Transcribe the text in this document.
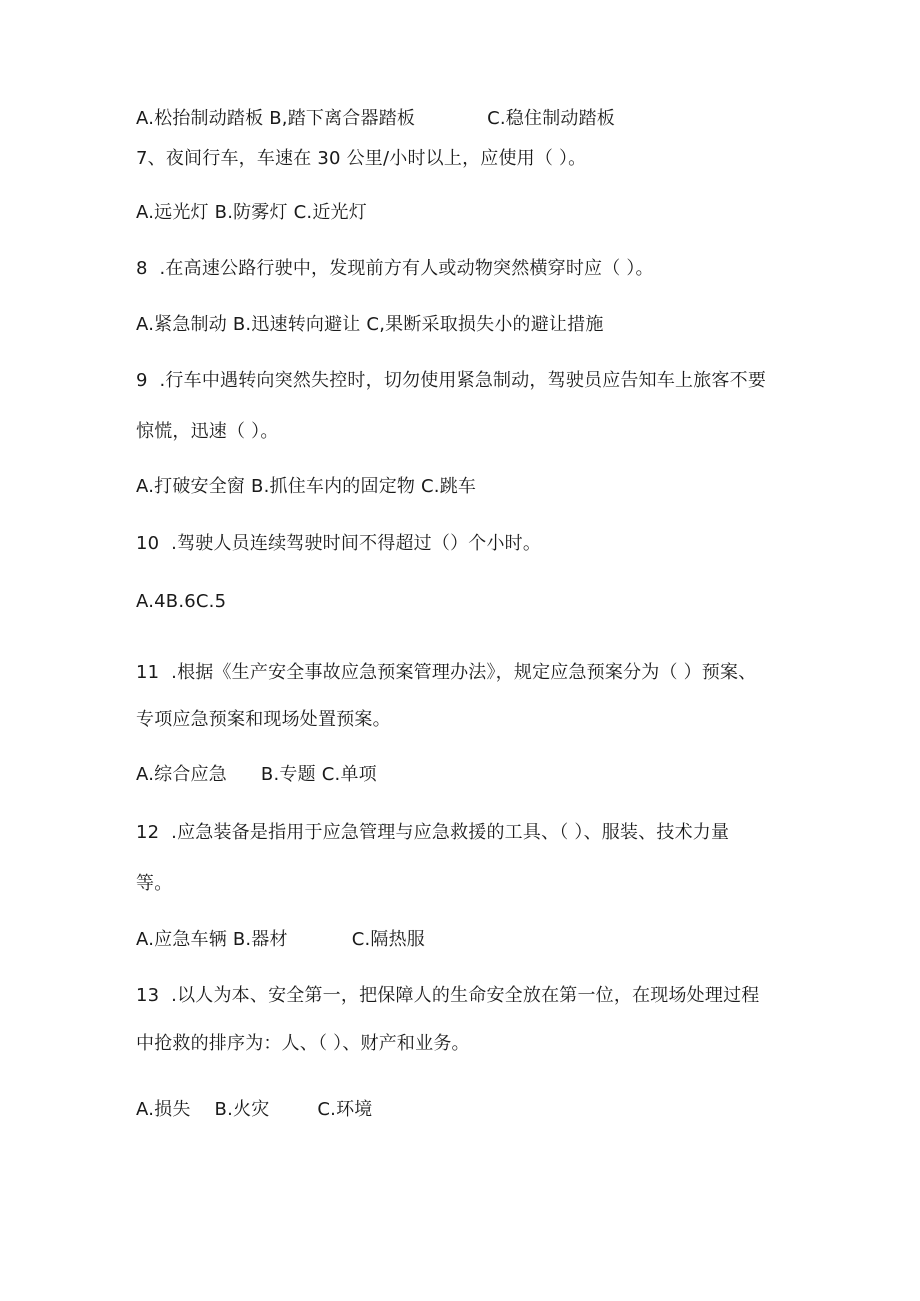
A.松抬制动踏板 B,踏下离合器踏板	C.稳住制动踏板
7、夜间行车，车速在 30 公里/小时以上，应使用（ ）。
A.远光灯 B.防雾灯 C.近光灯
8  .在高速公路行驶中，发现前方有人或动物突然横穿时应（ ）。
A.紧急制动 B.迅速转向避让 C,果断采取损失小的避让措施
9  .行车中遇转向突然失控时，切勿使用紧急制动，驾驶员应告知车上旅客不要
惊慌，迅速（ ）。
A.打破安全窗 B.抓住车内的固定物 C.跳车
10  .驾驶人员连续驾驶时间不得超过（）个小时。
A.4B.6C.5
11  .根据《生产安全事故应急预案管理办法》，规定应急预案分为（ ）预案、
专项应急预案和现场处置预案。
A.综合应急 B.专题 C.单项
12  .应急装备是指用于应急管理与应急救援的工具、（ ）、服装、技术力量
等。
A.应急车辆 B.器材	C.隔热服
13  .以人为本、安全第一，把保障人的生命安全放在第一位，在现场处理过程
中抢救的排序为：人、（ ）、财产和业务。
A.损失 B.火灾	C.环境
